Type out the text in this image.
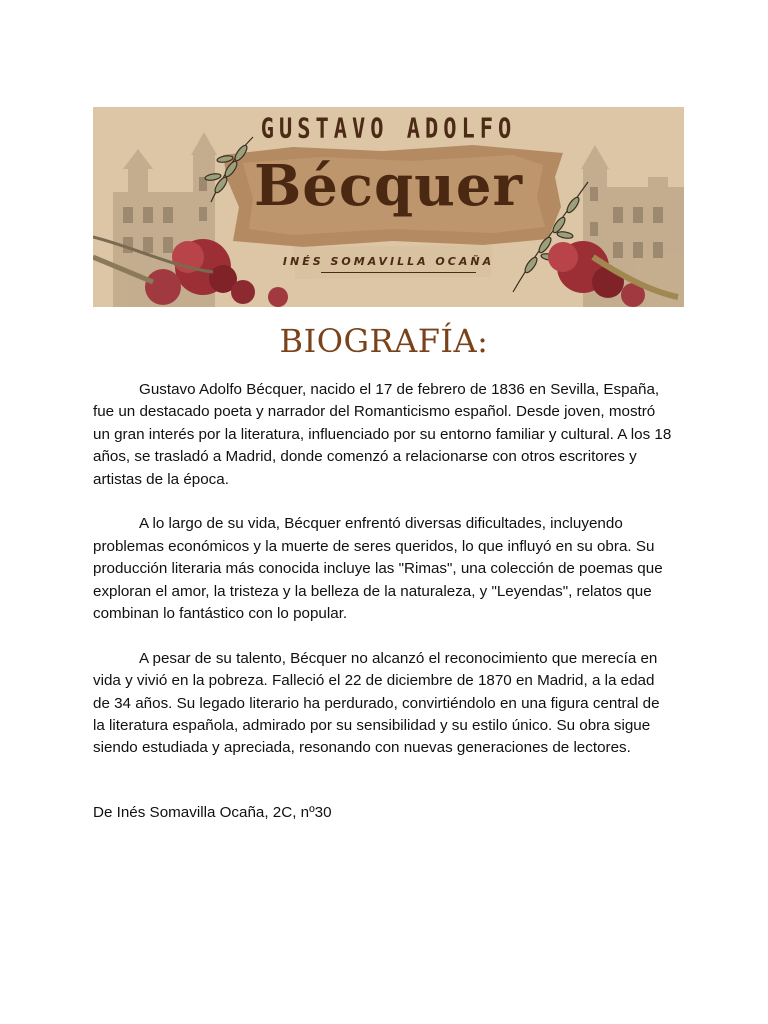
GUSTAVO ADOLFO
Bécquer
INÉS SOMAVILLA OCAÑA
BIOGRAFÍA:

Gustavo Adolfo Bécquer, nacido el 17 de febrero de 1836 en Sevilla, España, fue un destacado poeta y narrador del Romanticismo español. Desde joven, mostró un gran interés por la literatura, influenciado por su entorno familiar y cultural. A los 18 años, se trasladó a Madrid, donde comenzó a relacionarse con otros escritores y artistas de la época.

A lo largo de su vida, Bécquer enfrentó diversas dificultades, incluyendo problemas económicos y la muerte de seres queridos, lo que influyó en su obra. Su producción literaria más conocida incluye las "Rimas", una colección de poemas que exploran el amor, la tristeza y la belleza de la naturaleza, y "Leyendas", relatos que combinan lo fantástico con lo popular.

A pesar de su talento, Bécquer no alcanzó el reconocimiento que merecía en vida y vivió en la pobreza. Falleció el 22 de diciembre de 1870 en Madrid, a la edad de 34 años. Su legado literario ha perdurado, convirtiéndolo en una figura central de la literatura española, admirado por su sensibilidad y su estilo único. Su obra sigue siendo estudiada y apreciada, resonando con nuevas generaciones de lectores.

De Inés Somavilla Ocaña, 2C, nº30
